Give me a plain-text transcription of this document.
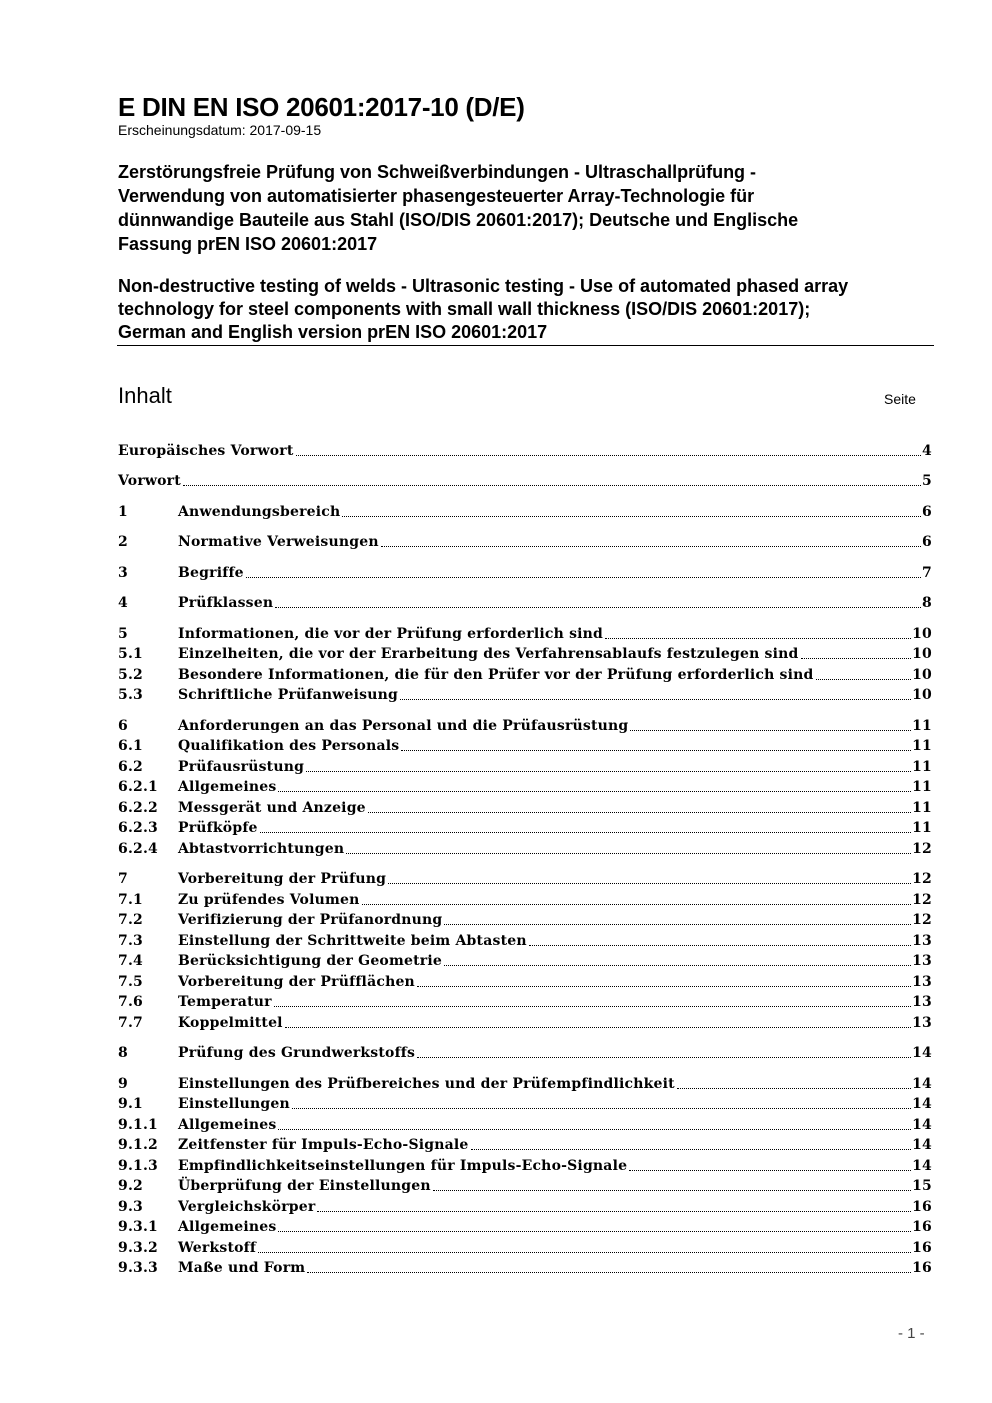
E DIN EN ISO 20601:2017-10 (D/E)
Erscheinungsdatum: 2017-09-15
Zerstörungsfreie Prüfung von Schweißverbindungen - Ultraschallprüfung -
Verwendung von automatisierter phasengesteuerter Array-Technologie für
dünnwandige Bauteile aus Stahl (ISO/DIS 20601:2017); Deutsche und Englische
Fassung prEN ISO 20601:2017
Non-destructive testing of welds - Ultrasonic testing - Use of automated phased array
technology for steel components with small wall thickness (ISO/DIS 20601:2017);
German and English version prEN ISO 20601:2017
Inhalt	Seite
Europäisches Vorwort	4
Vorwort	5
1	Anwendungsbereich	6
2	Normative Verweisungen	6
3	Begriffe	7
4	Prüfklassen	8
5	Informationen, die vor der Prüfung erforderlich sind	10
5.1	Einzelheiten, die vor der Erarbeitung des Verfahrensablaufs festzulegen sind	10
5.2	Besondere Informationen, die für den Prüfer vor der Prüfung erforderlich sind	10
5.3	Schriftliche Prüfanweisung	10
6	Anforderungen an das Personal und die Prüfausrüstung	11
6.1	Qualifikation des Personals	11
6.2	Prüfausrüstung	11
6.2.1	Allgemeines	11
6.2.2	Messgerät und Anzeige	11
6.2.3	Prüfköpfe	11
6.2.4	Abtastvorrichtungen	12
7	Vorbereitung der Prüfung	12
7.1	Zu prüfendes Volumen	12
7.2	Verifizierung der Prüfanordnung	12
7.3	Einstellung der Schrittweite beim Abtasten	13
7.4	Berücksichtigung der Geometrie	13
7.5	Vorbereitung der Prüfflächen	13
7.6	Temperatur	13
7.7	Koppelmittel	13
8	Prüfung des Grundwerkstoffs	14
9	Einstellungen des Prüfbereiches und der Prüfempfindlichkeit	14
9.1	Einstellungen	14
9.1.1	Allgemeines	14
9.1.2	Zeitfenster für Impuls-Echo-Signale	14
9.1.3	Empfindlichkeitseinstellungen für Impuls-Echo-Signale	14
9.2	Überprüfung der Einstellungen	15
9.3	Vergleichskörper	16
9.3.1	Allgemeines	16
9.3.2	Werkstoff	16
9.3.3	Maße und Form	16
- 1 -
